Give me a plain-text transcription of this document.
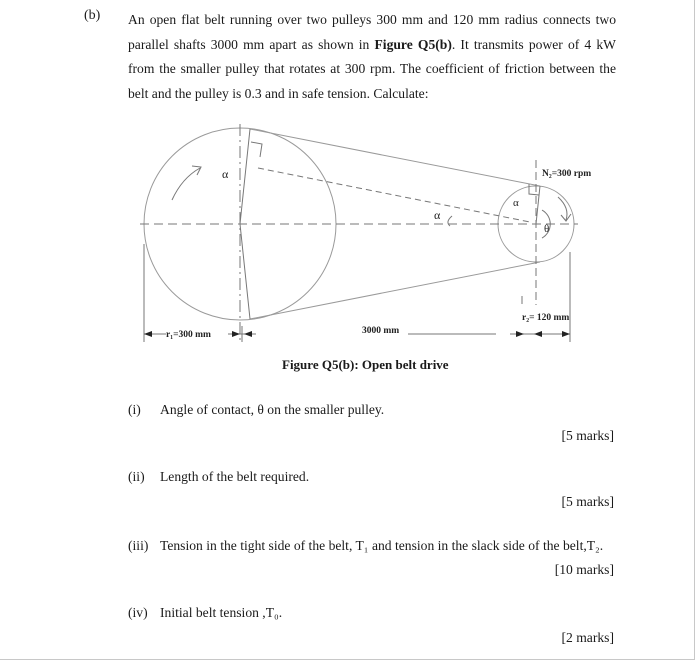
(b) An open flat belt running over two pulleys 300 mm and 120 mm radius connects two parallel shafts 3000 mm apart as shown in Figure Q5(b). It transmits power of 4 kW from the smaller pulley that rotates at 300 rpm. The coefficient of friction between the belt and the pulley is 0.3 and in safe tension. Calculate:
α
α
α
θ
N₂=300 rpm
r₂= 120 mm
r₁=300 mm	3000 mm
Figure Q5(b): Open belt drive
(i) Angle of contact, θ on the smaller pulley.
[5 marks]
(ii) Length of the belt required.
[5 marks]
(iii) Tension in the tight side of the belt, T₁ and tension in the slack side of the belt,T₂.
[10 marks]
(iv) Initial belt tension ,T₀.
[2 marks]
